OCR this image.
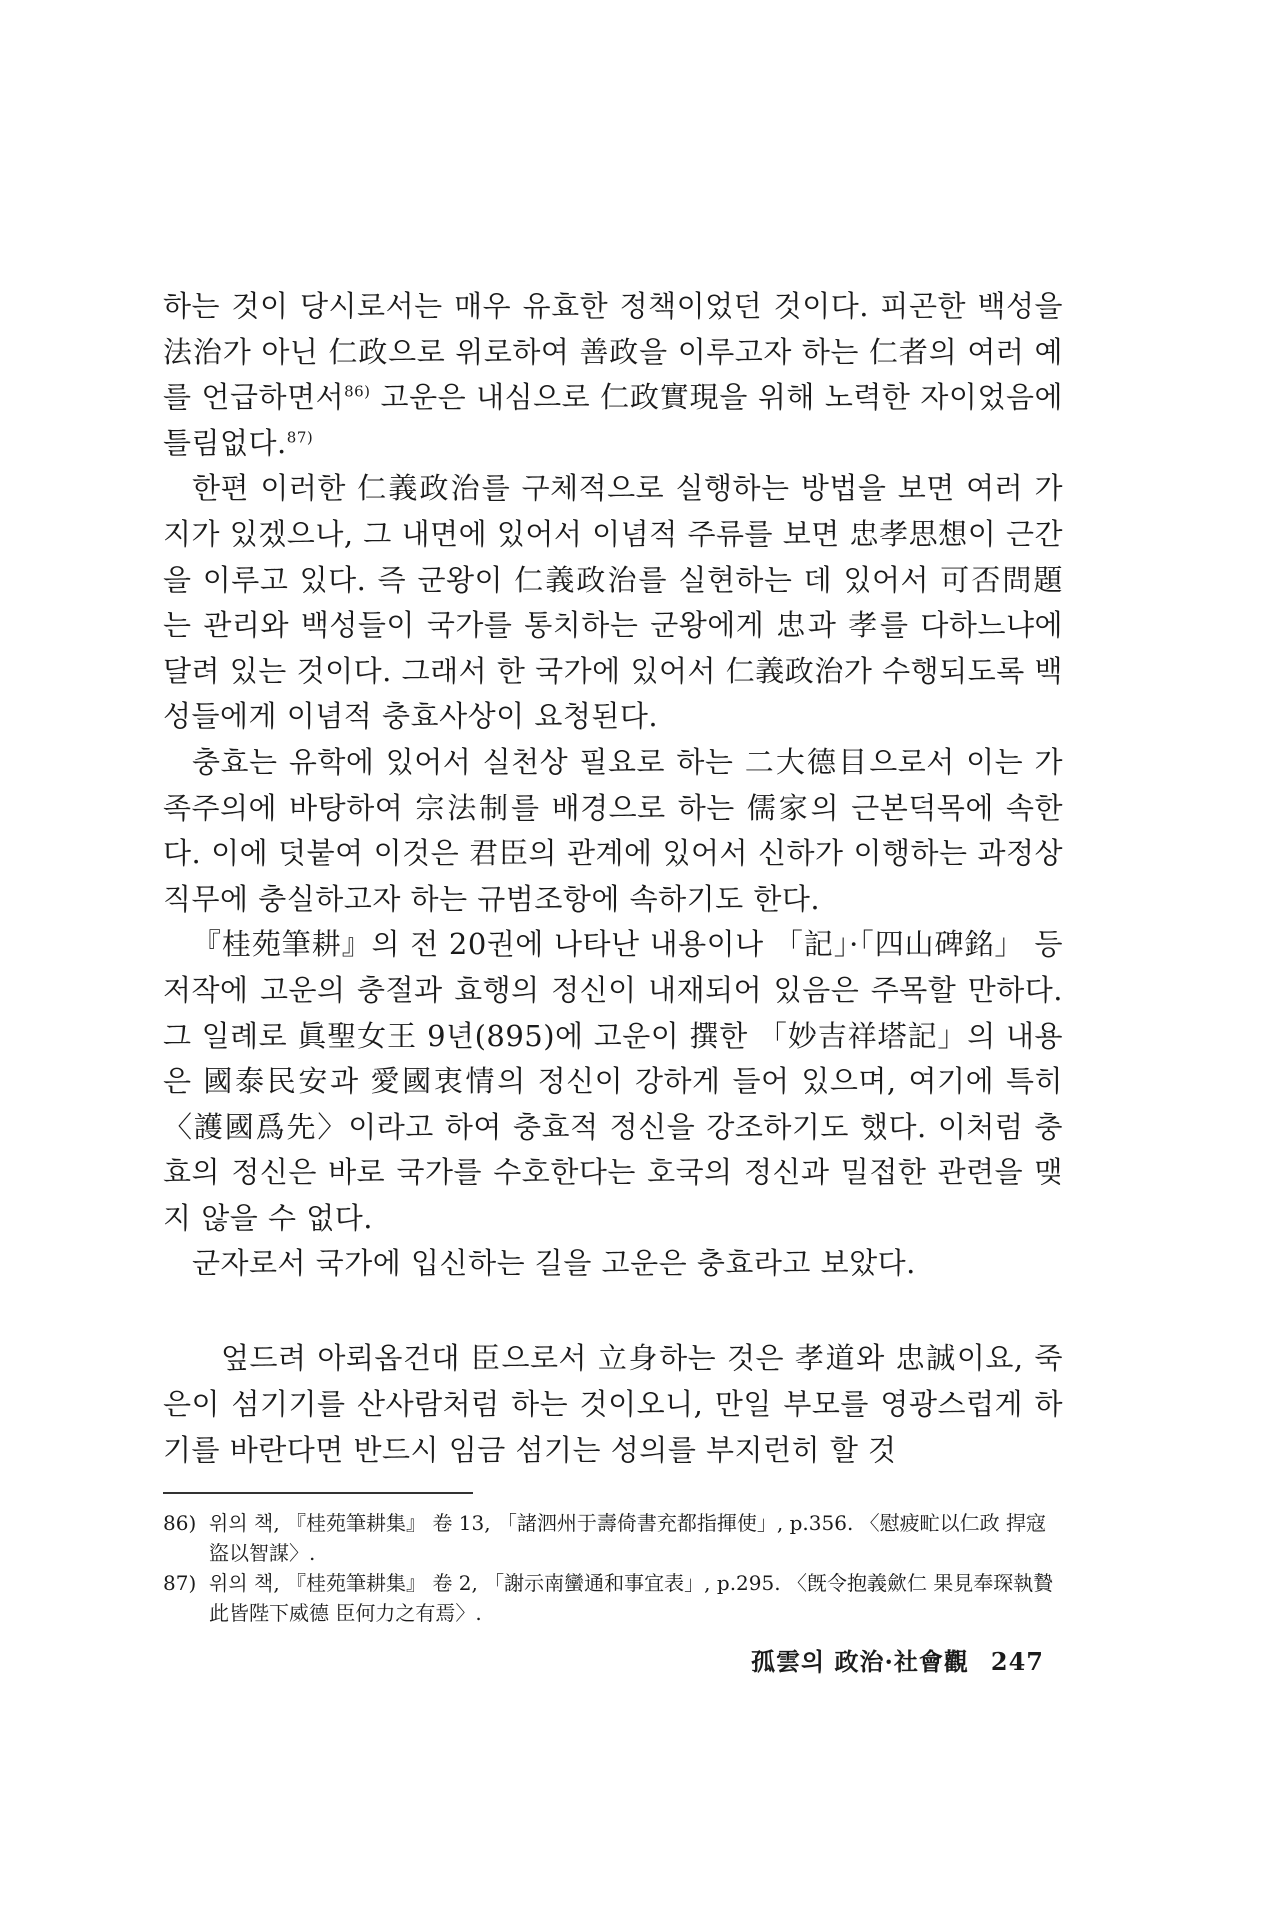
하는 것이 당시로서는 매우 유효한 정책이었던 것이다. 피곤한 백성을 法治가 아닌 仁政으로 위로하여 善政을 이루고자 하는 仁者의 여러 예를 언급하면서$^{86)}$ 고운은 내심으로 仁政實現을 위해 노력한 자이었음에 틀림없다.$^{87)}$

한편 이러한 仁義政治를 구체적으로 실행하는 방법을 보면 여러 가지가 있겠으나, 그 내면에 있어서 이념적 주류를 보면 忠孝思想이 근간을 이루고 있다. 즉 군왕이 仁義政治를 실현하는 데 있어서 可否問題는 관리와 백성들이 국가를 통치하는 군왕에게 忠과 孝를 다하느냐에 달려 있는 것이다. 그래서 한 국가에 있어서 仁義政治가 수행되도록 백성들에게 이념적 충효사상이 요청된다.

충효는 유학에 있어서 실천상 필요로 하는 二大德目으로서 이는 가족주의에 바탕하여 宗法制를 배경으로 하는 儒家의 근본덕목에 속한다. 이에 덧붙여 이것은 君臣의 관계에 있어서 신하가 이행하는 과정상 직무에 충실하고자 하는 규범조항에 속하기도 한다.

『桂苑筆耕』의 전 20권에 나타난 내용이나 「記」·「四山碑銘」 등 저작에 고운의 충절과 효행의 정신이 내재되어 있음은 주목할 만하다. 그 일례로 眞聖女王 9년(895)에 고운이 撰한 「妙吉祥塔記」의 내용은 國泰民安과 愛國衷情의 정신이 강하게 들어 있으며, 여기에 특히 〈護國爲先〉이라고 하여 충효적 정신을 강조하기도 했다. 이처럼 충효의 정신은 바로 국가를 수호한다는 호국의 정신과 밀접한 관련을 맺지 않을 수 없다.

군자로서 국가에 입신하는 길을 고운은 충효라고 보았다.

엎드려 아뢰옵건대 臣으로서 立身하는 것은 孝道와 忠誠이요, 죽은이 섬기기를 산사람처럼 하는 것이오니, 만일 부모를 영광스럽게 하기를 바란다면 반드시 임금 섬기는 성의를 부지런히 할 것

86) 위의 책, 『桂苑筆耕集』 卷 13, 「諸泗州于壽倚書充都指揮使」, p.356. 〈慰疲甿以仁政 捍寇盜以智謀〉.
87) 위의 책, 『桂苑筆耕集』 卷 2, 「謝示南蠻通和事宜表」, p.295. 〈旣令抱義歛仁 果見奉琛執贄 此皆陛下威德 臣何力之有焉〉.
孤雲의 政治·社會觀 247
